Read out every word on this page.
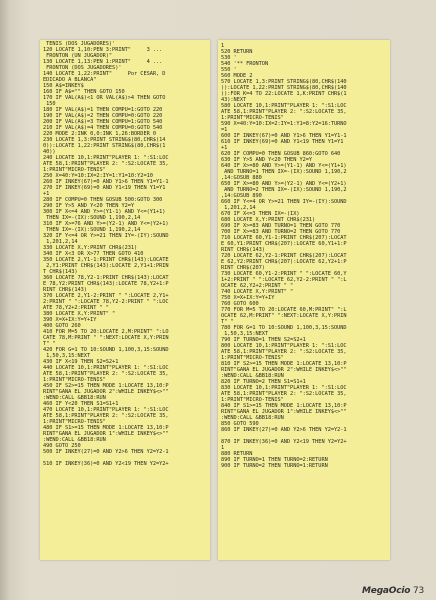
TENIS (DOS JUGADORES)'
120 LOCATE 1,10:PEN 3:PRINT"     3 ...
FRONTON (UN JUGADOR)"
130 LOCATE 1,13:PEN 1:PRINT"     4 ...
FRONTON (DOS JUGADORES)'
140 LOCATE 1,22:PRINT"     Por CESAR, D
EDICADO A BLANCA"
150 A$=INKEY$
160 IF A$="" THEN GOTO 150
170 IF VAL(A$)<1 OR VAL(A$)>4 THEN GOTO
150
180 IF VAL(A$)=1 THEN COMPU=1:GOTO 220
190 IF VAL(A$)=2 THEN COMPU=0:GOTO 220
200 IF VAL(A$)=3 THEN COMPU=1:GOTO 540
210 IF VAL(A$)=4 THEN COMPU=0:GOTO 540
220 MODE 2:INK 0,0:INK 1,26:BORDER 0
230 LOCATE 1,3:PRINT STRING$(80,CHR$(14
0)):LOCATE 1,22:PRINT STRING$(80,CHR$(1
40))
240 LOCATE 10,1:PRINT"PLAYER 1: ":S1:LOC
ATE 58,1:PRINT"PLAYER 2: ":S2:LOCATE 35,
1:PRINT"MICRO-TENIS"
250 X=40:Y=10:IX=2:IY=1:Y1=10:Y2=10
260 IF INKEY(67)=0 AND Y1>6 THEN Y1=Y1-1
270 IF INKEY(69)=0 AND Y1<19 THEN Y1=Y1
+1
280 IF COMPU=0 THEN GOSUB 500:GOTO 300
290 IF Y>5 AND Y<20 THEN Y2=Y
300 IF X<=4 AND Y>=(Y1-1) AND Y<=(Y1+1)
THEN IX=-(IX):SOUND 1,190,2,14
310 IF X>=76 AND Y>=(Y2-1) AND Y<=(Y2+1)
THEN IX=-(IX):SOUND 1,190,2,14
320 IF Y<=4 OR Y>=21 THEN IY=-(IY):SOUND
1,201,2,14
330 LOCATE X,Y:PRINT CHR$(231)
340 IF X<3 OR X>77 THEN GOTO 410
350 LOCATE 2,Y1-1:PRINT CHR$(143):LOCATE
2,Y1:PRINT CHR$(143):LOCATE 2,Y1+1:PRIN
T CHR$(143)
360 LOCATE 78,Y2-1:PRINT CHR$(143):LOCAT
E 78,Y2:PRINT CHR$(143):LOCATE 78,Y2+1:P
RINT CHR$(143)
370 LOCATE 2,Y1-2:PRINT " ":LOCATE 2,Y1+
2:PRINT " ":LOCATE 78,Y2-2:PRINT " ":LOC
ATE 78,Y2+2:PRINT " "
380 LOCATE X,Y:PRINT" "
390 X=X+IX:Y=Y+IY
400 GOTO 260
410 FOR M=5 TO 20:LOCATE 2,M:PRINT" ":LO
CATE 78,M:PRINT " ":NEXT:LOCATE X,Y:PRIN
T" "
420 FOR G=1 TO 10:SOUND 1,100,3,15:SOUND
1,50,3,15:NEXT
430 IF X<19 THEN S2=S2+1
440 LOCATE 10,1:PRINT"PLAYER 1: ":S1:LOC
ATE 58,1:PRINT"PLAYER 2: ":S2:LOCATE 35,
1:PRINT"MICRO-TENIS"
450 IF S2>=15 THEN MODE 1:LOCATE 13,10:P
RINT"GANA EL JUGADOR 2":WHILE INKEY$<>""
:WEND:CALL &BB18:RUN
460 IF Y<20 THEN S1=S1+1
470 LOCATE 10,1:PRINT"PLAYER 1: ":S1:LOC
ATE 58,1:PRINT"PLAYER 2: ":S2:LOCATE 35,
1:PRINT"MICRO-TENIS"
480 IF S1>=15 THEN MODE 1:LOCATE 13,10:P
RINT"GANA EL JUGADOR 1":WHILE INKEY$<>""
:WEND:CALL &BB18:RUN
490 GOTO 250
500 IF INKEY(27)=0 AND Y2>6 THEN Y2=Y2-1

510 IF INKEY(36)=0 AND Y2<19 THEN Y2=Y2+
1
520 RETURN
530 '
540 '** FRONTON
550 '
560 MODE 2
570 LOCATE 1,3:PRINT STRING$(80,CHR$(140
)):LOCATE 1,22:PRINT STRING$(80,CHR$(140
)):FOR K=4 TO 22:LOCATE 1,K:PRINT CHR$(1
43):NEXT
580 LOCATE 10,1:PRINT"PLAYER 1: ":S1:LOC
ATE 58,1:PRINT"PLAYER 2: ":S2:LOCATE 35,
1:PRINT"MICRO-TENIS"
590 X=40:Y=10:IX=2:IY=1:Y1=8:Y2=16:TURNO
=1
600 IF INKEY(67)=0 AND Y1>6 THEN Y1=Y1-1
610 IF INKEY(69)=0 AND Y1<19 THEN Y1=Y1
+1
620 IF COMPU=0 THEN GOSUB 860:GOTO 640
630 IF Y>5 AND Y<20 THEN Y2=Y
640 IF X>=80 AND Y>=(Y1-1) AND Y<=(Y1+1)
AND TURNO=1 THEN IX=-(IX):SOUND 1,190,2
,14:GOSUB 880
650 IF X>=80 AND Y>=(Y2-1) AND Y<=(Y2+1)
AND TURNO=2 THEN IX=-(IX):SOUND 1,190,2
,14:GOSUB 890
660 IF Y<=4 OR Y>=21 THEN IY=-(IY):SOUND
1,201,2,14
670 IF X<=3 THEN IX=-(IX)
680 LOCATE X,Y:PRINT CHR$(231)
690 IF X>=83 AND TURNO=1 THEN GOTO 770
700 IF X>=83 AND TURNO=2 THEN GOTO 770
710 LOCATE 60,Y1-1:PRINT CHR$(207):LOCAT
E 60,Y1:PRINT CHR$(207):LOCATE 60,Y1+1:P
RINT CHR$(143)
720 LOCATE 62,Y2-1:PRINT CHR$(207):LOCAT
E 62,Y2:PRINT CHR$(207):LOCATE 62,Y2+1:P
RINT CHR$(207)
730 LOCATE 60,Y1-2:PRINT " ":LOCATE 60,Y
1+2:PRINT " ":LOCATE 62,Y2-2:PRINT " ":L
OCATE 62,Y2+2:PRINT " "
740 LOCATE X,Y:PRINT" "
750 X=X+IX:Y=Y+IY
760 GOTO 600
770 FOR M=5 TO 20:LOCATE 60,M:PRINT" ":L
OCATE 62,M:PRINT" ":NEXT:LOCATE X,Y:PRIN
T" "
780 FOR G=1 TO 10:SOUND 1,100,3,15:SOUND
1,50,3,15:NEXT
790 IF TURNO=1 THEN S2=S2+1
800 LOCATE 10,1:PRINT"PLAYER 1: ":S1:LOC
ATE 58,1:PRINT"PLAYER 2: ":S2:LOCATE 35,
1:PRINT"MICRO-TENIS"
810 IF S2>=15 THEN MODE 1:LOCATE 13,10:P
RINT"GANA EL JUGADOR 2":WHILE INKEY$<>""
:WEND:CALL &BB18:RUN
820 IF TURNO=2 THEN S1=S1+1
830 LOCATE 10,1:PRINT"PLAYER 1: ":S1:LOC
ATE 58,1:PRINT"PLAYER 2: ":S2:LOCATE 35,
1:PRINT"MICRO-TENIS"
840 IF S1>=15 THEN MODE 1:LOCATE 13,10:P
RINT"GANA EL JUGADOR 1":WHILE INKEY$<>""
:WEND:CALL &BB18:RUN
850 GOTO 590
860 IF INKEY(27)=0 AND Y2>6 THEN Y2=Y2-1

870 IF INKEY(36)=0 AND Y2<19 THEN Y2=Y2+
1
880 RETURN
890 IF TURNO=1 THEN TURNO=2:RETURN
900 IF TURNO=2 THEN TURNO=1:RETURN
MegaOcio 73
